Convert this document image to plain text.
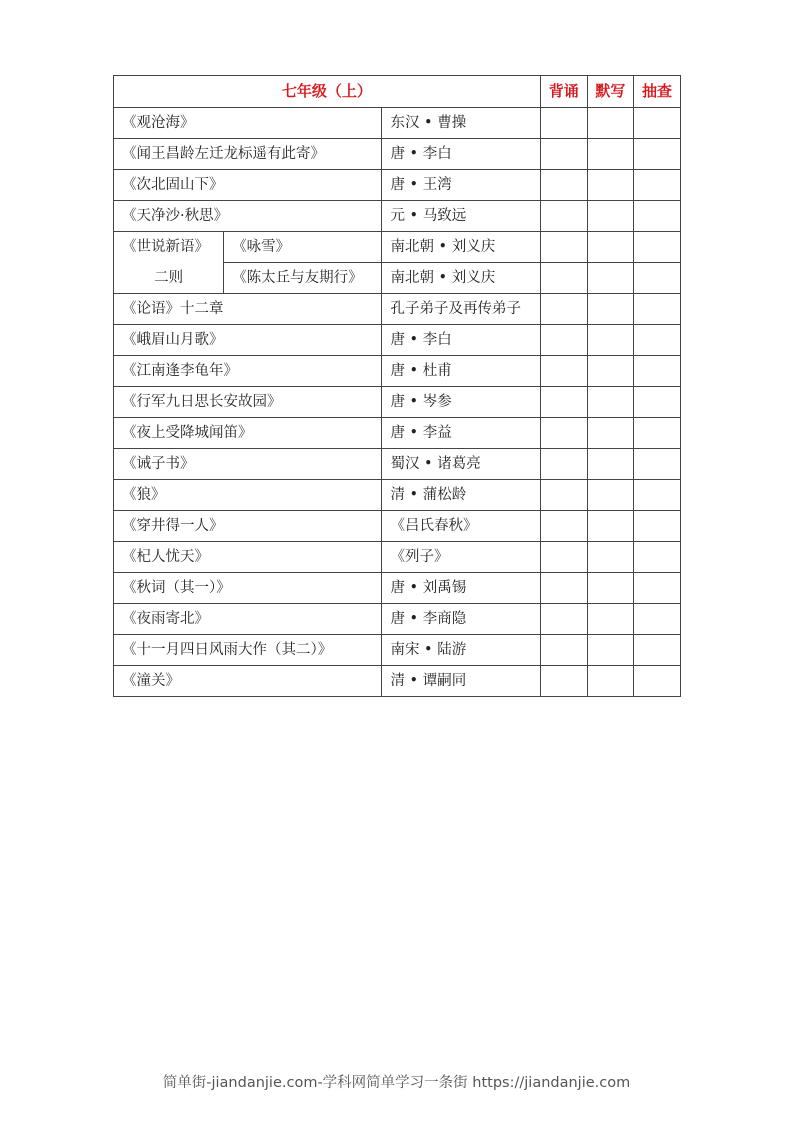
七年级（上）			背诵	默写	抽查
《观沧海》		东汉 • 曹操			
《闻王昌龄左迁龙标遥有此寄》		唐 • 李白			
《次北固山下》		唐 • 王湾			
《天净沙·秋思》		元 • 马致远			
《世说新语》	《咏雪》	南北朝 • 刘义庆			
二则	《陈太丘与友期行》	南北朝 • 刘义庆			
《论语》十二章		孔子弟子及再传弟子			
《峨眉山月歌》		唐 • 李白			
《江南逢李龟年》		唐 • 杜甫			
《行军九日思长安故园》		唐 • 岑参			
《夜上受降城闻笛》		唐 • 李益			
《诫子书》		蜀汉 • 诸葛亮			
《狼》		清 • 蒲松龄			
《穿井得一人》		《吕氏春秋》			
《杞人忧天》		《列子》			
《秋词（其一）》		唐 • 刘禹锡			
《夜雨寄北》		唐 • 李商隐			
《十一月四日风雨大作（其二）》		南宋 • 陆游			
《潼关》		清 • 谭嗣同			
简单街-jiandanjie.com-学科网简单学习一条街 https://jiandanjie.com
